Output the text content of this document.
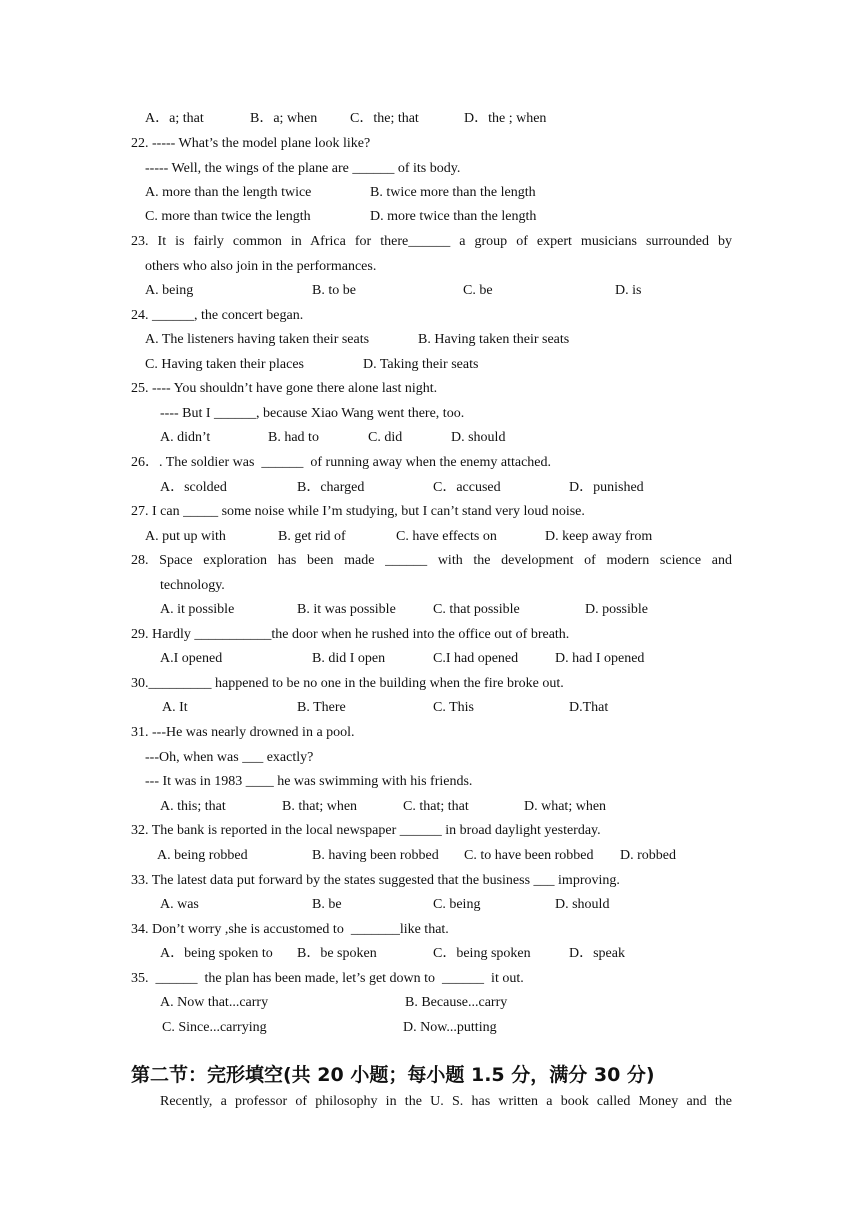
A．a; that

	B．a; when

C．the; that

	D．the ; when

22. ----- What’s the model plane look like?
----- Well, the wings of the plane are ______ of its body.

A. more than the length twice

	B. twice more than the length

C. more than twice the length

	D. more twice than the length

23. It is fairly common in Africa for there______ a group of expert musicians surrounded by
others who also join in the performances.

A. being

	B. to be

	C. be

	D. is

24. ______, the concert began.

A. The listeners having taken their seats

	B. Having taken their seats

C. Having taken their places

	D. Taking their seats

25. ---- You shouldn’t have gone there alone last night.
---- But I ______, because Xiao Wang went there, too.

A. didn’t

	B. had to

	C. did

	D. should

26．. The soldier was  ______  of running away when the enemy attached.

A．scolded

	B．charged

	C．accused

	D．punished

27. I can _____ some noise while I’m studying, but I can’t stand very loud noise.

A. put up with

	B. get rid of

	C. have effects on

	D. keep away from

28. Space exploration has been made ______ with the development of modern science and
technology.

A. it possible

	B. it was possible

	C. that possible

	D. possible

29. Hardly ___________the door when he rushed into the office out of breath.

A.I opened

	B. did I open

	C.I had opened

	D. had I opened

30._________ happened to be no one in the building when the fire broke out.

A. It

	B. There

	C. This

	D.That

31. ---He was nearly drowned in a pool.
---Oh, when was ___ exactly?
--- It was in 1983 ____ he was swimming with his friends.

A. this; that

	B. that; when

	C. that; that

	D. what; when

32. The bank is reported in the local newspaper ______ in broad daylight yesterday.

A. being robbed

	B. having been robbed

C. to have been robbed

D. robbed

33. The latest data put forward by the states suggested that the business ___ improving.

A. was

	B. be

	C. being

	D. should

34. Don’t worry ,she is accustomed to  _______like that.

A．being spoken to

B．be spoken

	C．being spoken

	D．speak

35.  ______  the plan has been made, let’s get down to  ______  it out.

A. Now that...carry

	B. Because...carry

C. Since...carrying

	D. Now...putting

第二节：完形填空(共 20 小题；每小题 1.5 分，满分 30 分)
Recently, a professor of philosophy in the U. S. has written a book called Money and the
